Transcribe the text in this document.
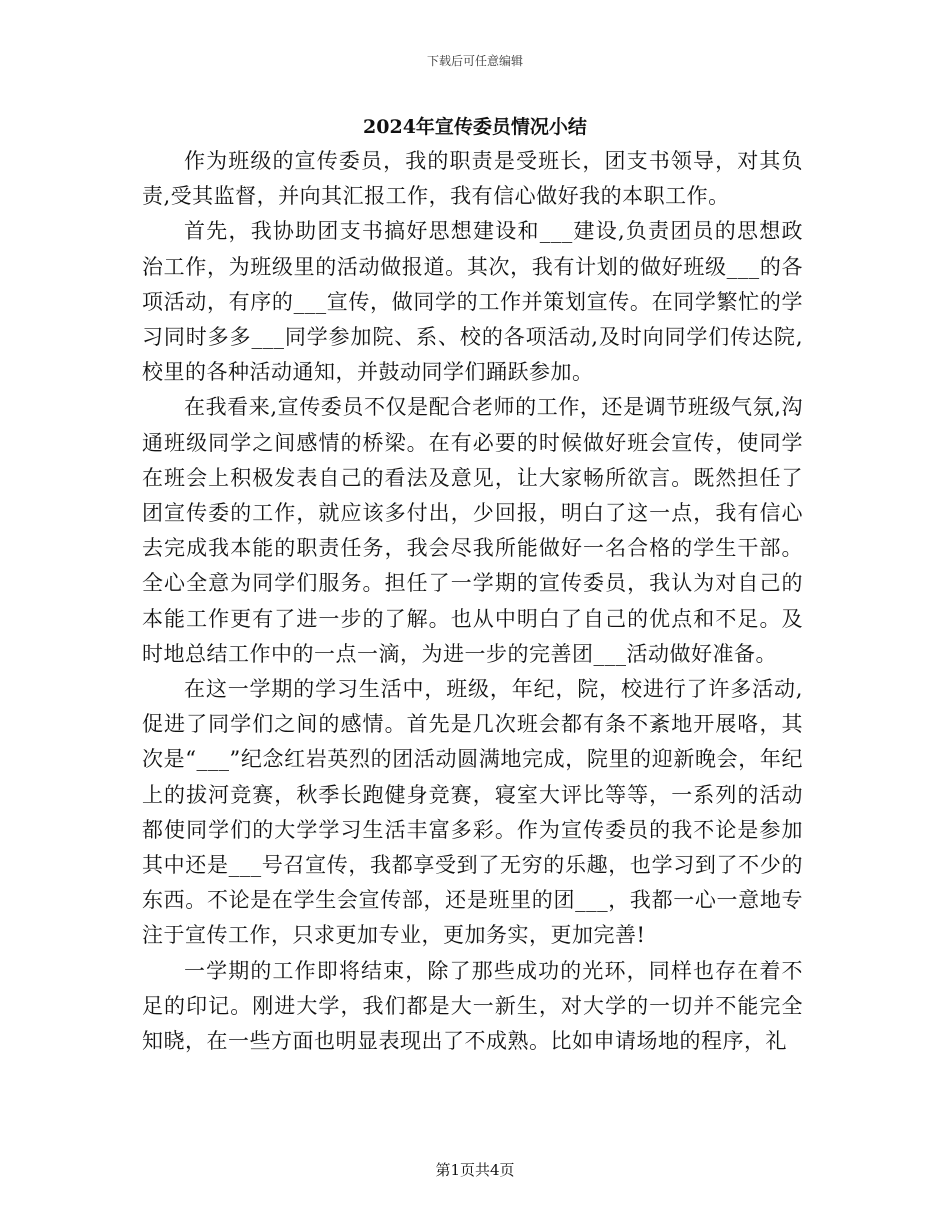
下载后可任意编辑
2024年宣传委员情况小结

作为班级的宣传委员，我的职责是受班长，团支书领导，对其负责,受其监督，并向其汇报工作，我有信心做好我的本职工作。

首先，我协助团支书搞好思想建设和___建设,负责团员的思想政治工作，为班级里的活动做报道。其次，我有计划的做好班级___的各项活动，有序的___宣传，做同学的工作并策划宣传。在同学繁忙的学习同时多多___同学参加院、系、校的各项活动,及时向同学们传达院,校里的各种活动通知，并鼓动同学们踊跃参加。

在我看来,宣传委员不仅是配合老师的工作，还是调节班级气氛,沟通班级同学之间感情的桥梁。在有必要的时候做好班会宣传，使同学在班会上积极发表自己的看法及意见，让大家畅所欲言。既然担任了团宣传委的工作，就应该多付出，少回报，明白了这一点，我有信心去完成我本能的职责任务，我会尽我所能做好一名合格的学生干部。全心全意为同学们服务。担任了一学期的宣传委员，我认为对自己的本能工作更有了进一步的了解。也从中明白了自己的优点和不足。及时地总结工作中的一点一滴，为进一步的完善团___活动做好准备。

在这一学期的学习生活中，班级，年纪，院，校进行了许多活动,促进了同学们之间的感情。首先是几次班会都有条不紊地开展咯，其次是“___”纪念红岩英烈的团活动圆满地完成，院里的迎新晚会，年纪上的拔河竞赛，秋季长跑健身竞赛，寝室大评比等等，一系列的活动都使同学们的大学学习生活丰富多彩。作为宣传委员的我不论是参加其中还是___号召宣传，我都享受到了无穷的乐趣，也学习到了不少的东西。不论是在学生会宣传部，还是班里的团___，我都一心一意地专注于宣传工作，只求更加专业，更加务实，更加完善!

一学期的工作即将结束，除了那些成功的光环，同样也存在着不足的印记。刚进大学，我们都是大一新生，对大学的一切并不能完全知晓，在一些方面也明显表现出了不成熟。比如申请场地的程序，礼

第1页共4页
